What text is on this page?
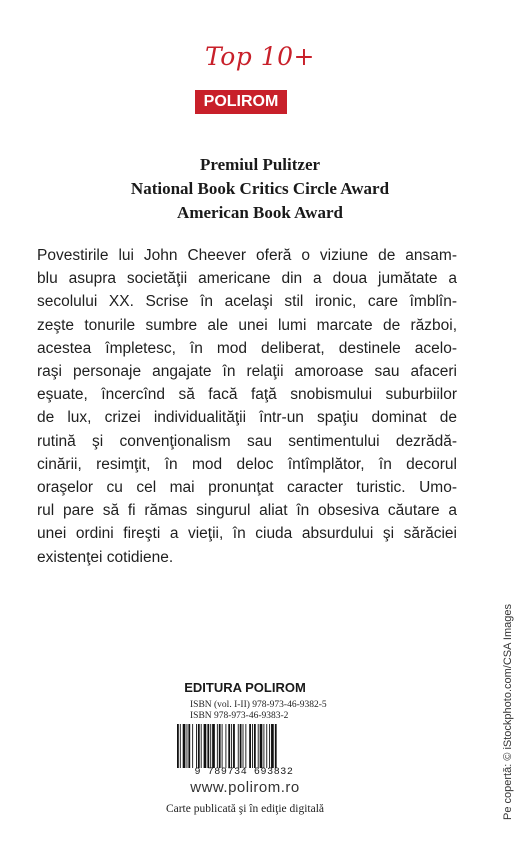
Top 10+
POLIROM
Premiul Pulitzer
National Book Critics Circle Award
American Book Award
Povestirile lui John Cheever oferă o viziune de ansam-
blu asupra societăţii americane din a doua jumătate a
secolului XX. Scrise în acelaşi stil ironic, care îmblîn-
zeşte tonurile sumbre ale unei lumi marcate de război,
acestea împletesc, în mod deliberat, destinele acelo-
raşi personaje angajate în relaţii amoroase sau afaceri
eşuate, încercînd să facă faţă snobismului suburbiilor
de lux, crizei individualităţii într-un spaţiu dominat de
rutină şi convenţionalism sau sentimentului dezrădă-
cinării, resimţit, în mod deloc întîmplător, în decorul
oraşelor cu cel mai pronunţat caracter turistic. Umo-
rul pare să fi rămas singurul aliat în obsesiva căutare a
unei ordini fireşti a vieţii, în ciuda absurdului şi sărăciei
existenţei cotidiene.
Pe copertă: © iStockphoto.com/CSA Images
EDITURA POLIROM
ISBN (vol. I-II) 978-973-46-9382-5
ISBN 978-973-46-9383-2
9 789734 693832
www.polirom.ro
Carte publicată şi în ediţie digitală
